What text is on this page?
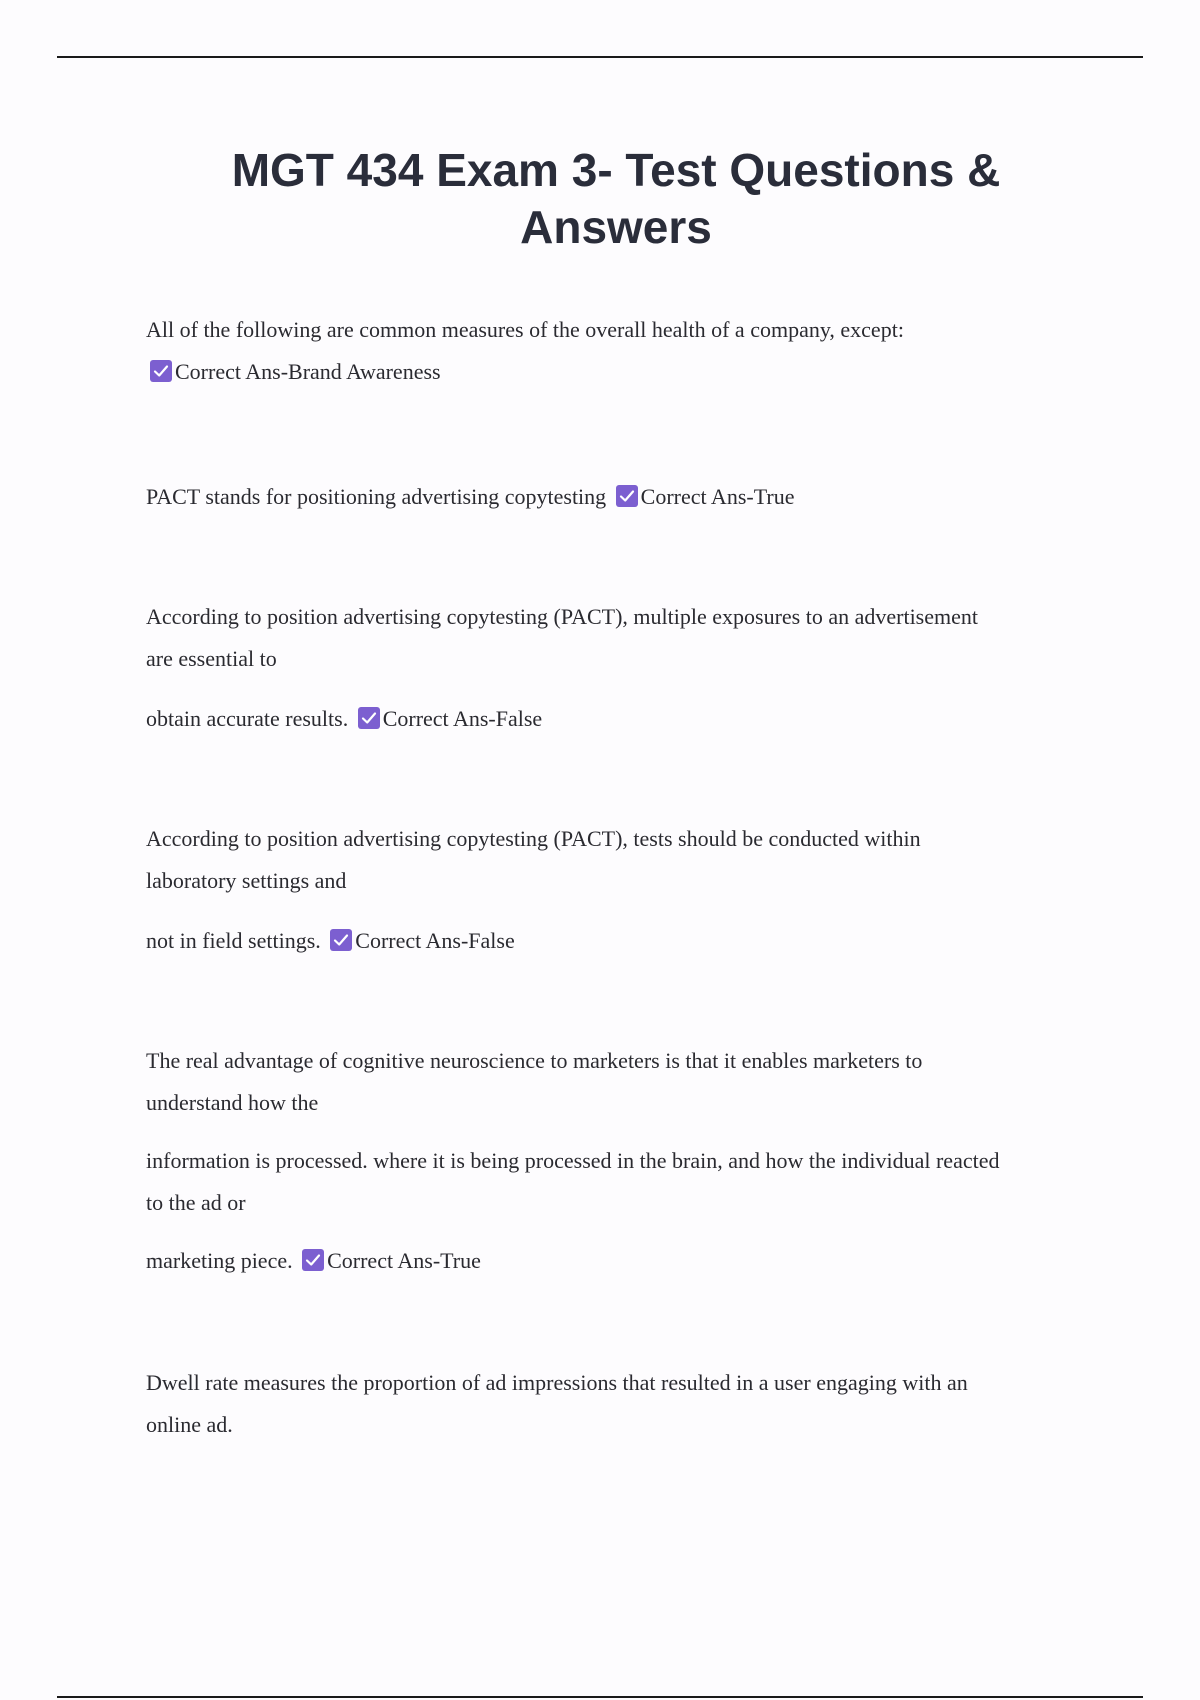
MGT 434 Exam 3- Test Questions & Answers
All of the following are common measures of the overall health of a company, except:
Correct Ans-Brand Awareness
PACT stands for positioning advertising copytesting Correct Ans-True
According to position advertising copytesting (PACT), multiple exposures to an advertisement
are essential to
obtain accurate results. Correct Ans-False
According to position advertising copytesting (PACT), tests should be conducted within
laboratory settings and
not in field settings. Correct Ans-False
The real advantage of cognitive neuroscience to marketers is that it enables marketers to
understand how the
information is processed. where it is being processed in the brain, and how the individual reacted
to the ad or
marketing piece. Correct Ans-True
Dwell rate measures the proportion of ad impressions that resulted in a user engaging with an
online ad.
